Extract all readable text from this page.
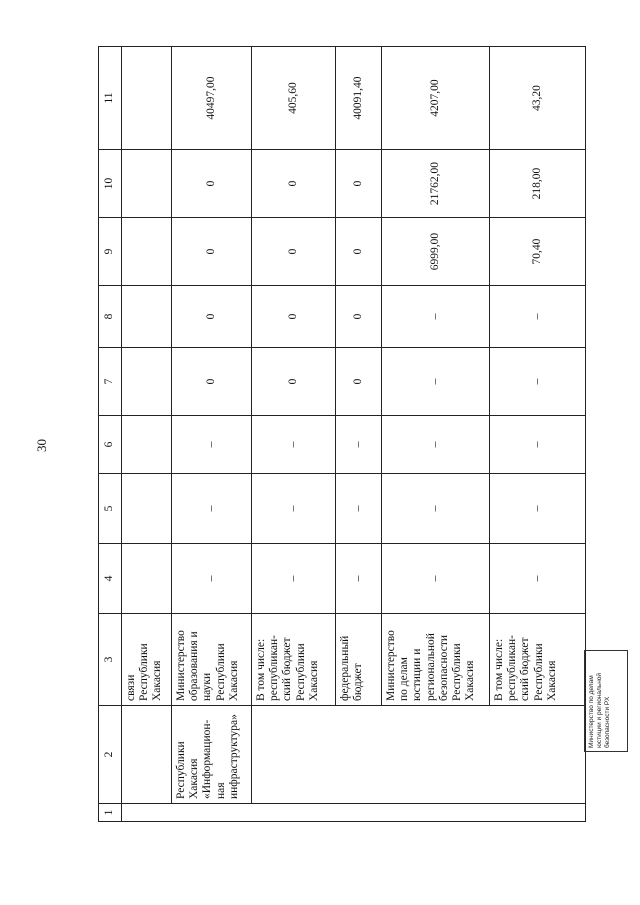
30
1	2	3	4	5	6	7	8	9	10	11
		связи Республики Хакасия								
	Республики Хакасия «Информацион-ная инфраструктура»	Министерство образования и науки Республики Хакасия	–	–	–	0	0	0	0	40497,00
		В том числе: республикан-ский бюджет Республики Хакасия	–	–	–	0	0	0	0	405,60
		федеральный бюджет	–	–	–	0	0	0	0	40091,40
		Министерство по делам юстиции и региональной безопасности Республики Хакасия	–	–	–	–	–	6999,00	21762,00	4207,00
		В том числе: республикан-ский бюджет Республики Хакасия	–	–	–	–	–	70,40	218,00	43,20
Министерство по делам юстиции и региональной безопасности РХ
